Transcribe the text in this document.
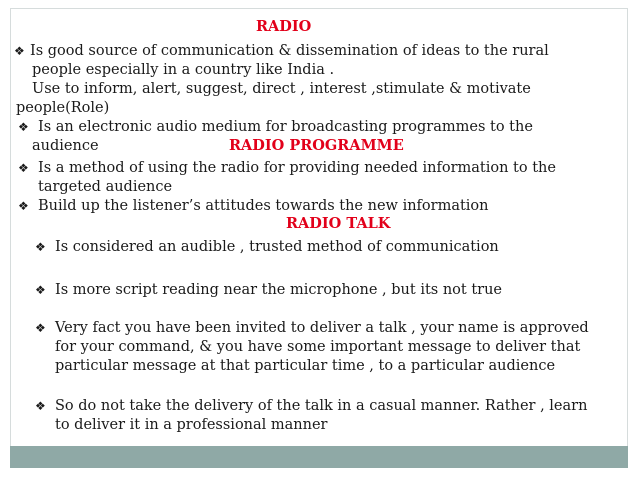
RADIO
❖ Is good source of communication & dissemination of ideas to the rural
people especially in a country like India .
Use to inform, alert, suggest, direct , interest ,stimulate & motivate
people(Role)
❖ Is an electronic audio medium for broadcasting programmes to the
audience	RADIO PROGRAMME
❖ Is a method of using the radio for providing needed information to the
targeted audience
❖ Build up the listener’s attitudes towards the new information
RADIO TALK
❖ Is considered an audible , trusted method of communication
❖ Is more script reading near the microphone , but its not true
❖ Very fact you have been invited to deliver a talk , your name is approved
for your command, & you have some important message to deliver that
particular message at that particular time , to a particular audience
❖ So do not take the delivery of the talk in a casual manner. Rather , learn
to deliver it in a professional manner
